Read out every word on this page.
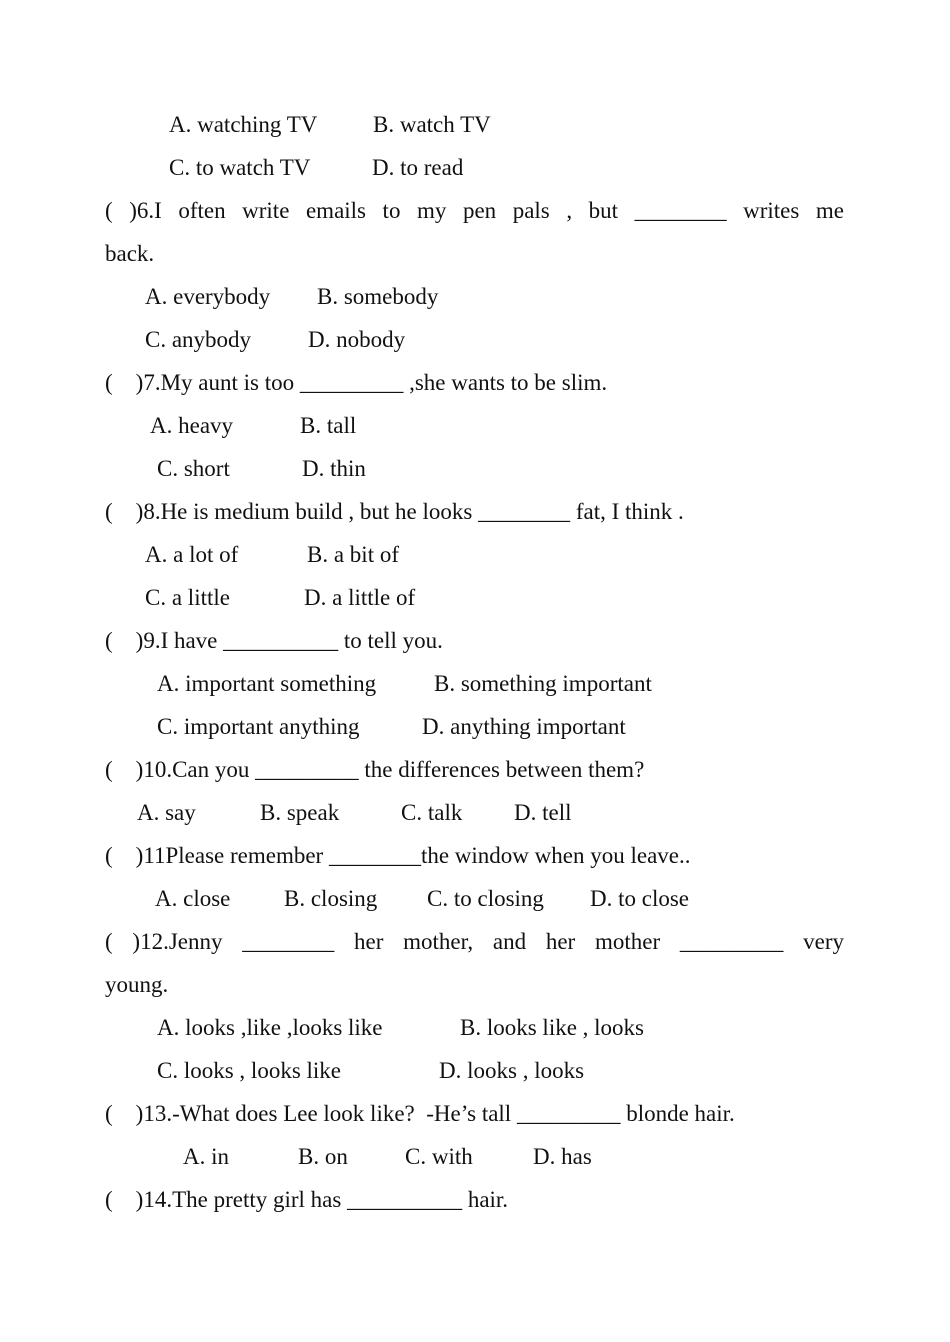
A. watching TV B. watch TV
C. to watch TV	D. to read
( )6.I often write emails to my pen pals , but ________ writes me
back.
A. everybody B. somebody
C. anybody D. nobody
(    )7.My aunt is too _________ ,she wants to be slim.
A. heavy	B. tall
C. short	D. thin
(    )8.He is medium build , but he looks ________ fat, I think .
A. a lot of	B. a bit of
C. a little	D. a little of
(    )9.I have __________ to tell you.
A. important something	B. something important
C. important anything	D. anything important
(    )10.Can you _________ the differences between them?
A. say	B. speak	C. talk D. tell
(    )11Please remember ________the window when you leave..
A. close B. closing C. to closing D. to close
( )12.Jenny ________ her mother, and her mother _________ very
young.
A. looks ,like ,looks like	B. looks like , looks
C. looks , looks like	D. looks , looks
(    )13.-What does Lee look like?  -He’s tall _________ blonde hair.
A. in	B. on C. with	D. has
(    )14.The pretty girl has __________ hair.
